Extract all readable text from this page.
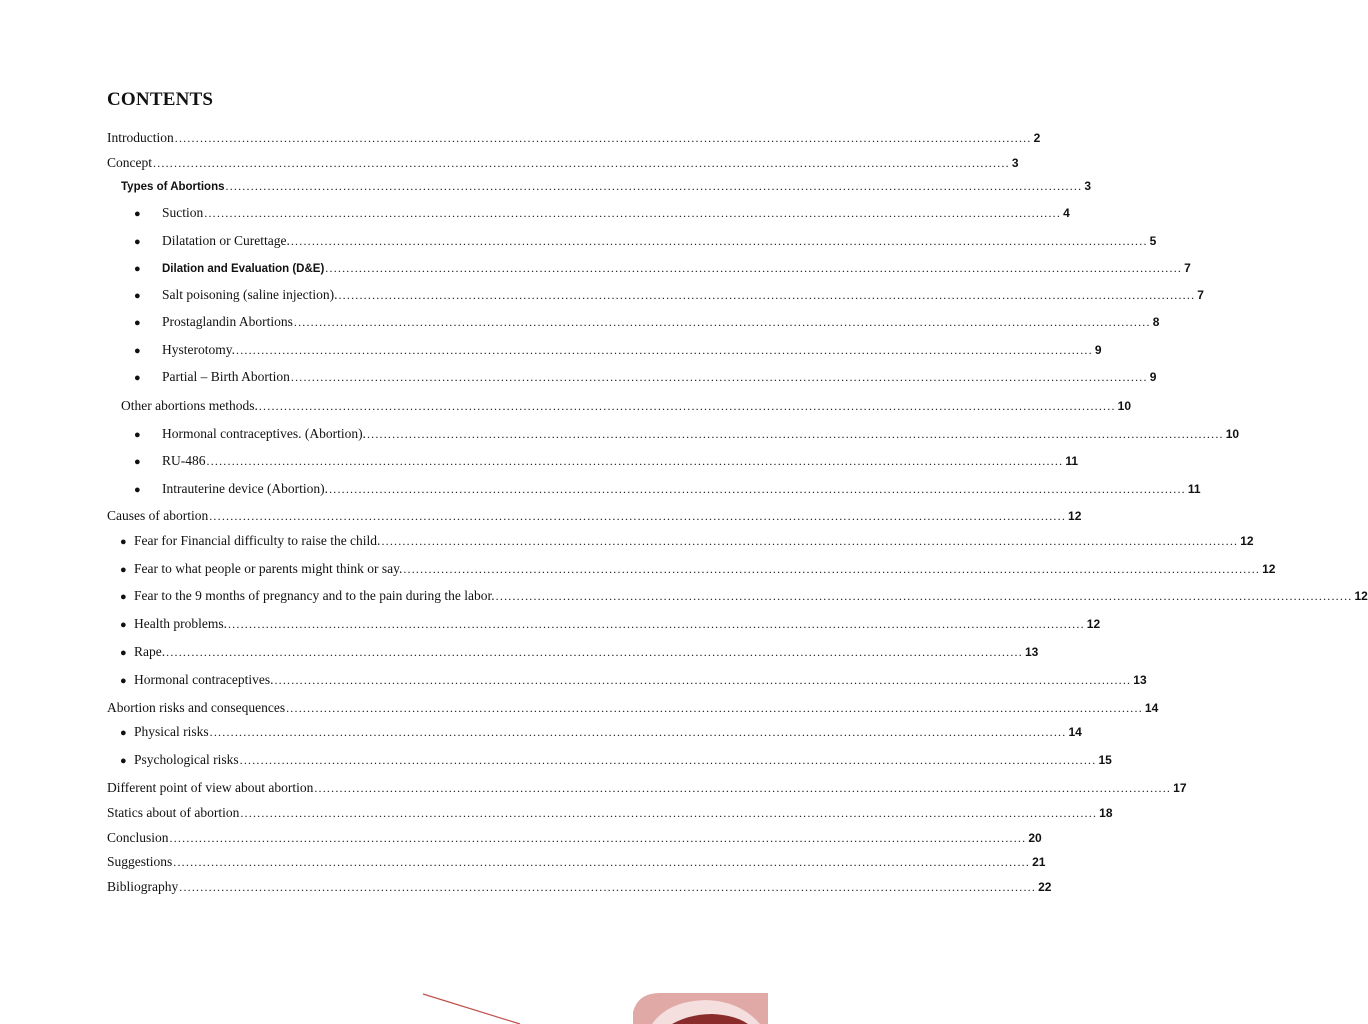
CONTENTS
Introduction ............................................................................................................................................................................................................ 2
Concept ............................................................................................................................................................................................................ 3
Types of Abortions ............................................................................................................................................................................................................ 3
●	Suction ............................................................................................................................................................................................................ 4
●	Dilatation or Curettage. ............................................................................................................................................................................................................ 5
●	Dilation and Evaluation (D&E) ............................................................................................................................................................................................................ 7
●	Salt poisoning (saline injection). ............................................................................................................................................................................................................ 7
●	Prostaglandin Abortions ............................................................................................................................................................................................................ 8
●	Hysterotomy. ............................................................................................................................................................................................................ 9
●	Partial – Birth Abortion ............................................................................................................................................................................................................ 9
Other abortions methods. ............................................................................................................................................................................................................ 10
●	Hormonal contraceptives. (Abortion). ............................................................................................................................................................................................................ 10
●	RU-486 ............................................................................................................................................................................................................ 11
●	Intrauterine device (Abortion). ............................................................................................................................................................................................................ 11
Causes of abortion ............................................................................................................................................................................................................ 12
● Fear for Financial difficulty to raise the child. ............................................................................................................................................................................................................ 12
● Fear to what people or parents might think or say. ............................................................................................................................................................................................................ 12
● Fear to the 9 months of pregnancy and to the pain during the labor. ............................................................................................................................................................................................................ 12
● Health problems. ............................................................................................................................................................................................................ 12
● Rape. ............................................................................................................................................................................................................ 13
● Hormonal contraceptives. ............................................................................................................................................................................................................ 13
Abortion risks and consequences ............................................................................................................................................................................................................ 14
● Physical risks ............................................................................................................................................................................................................ 14
● Psychological risks ............................................................................................................................................................................................................ 15
Different point of view about abortion ............................................................................................................................................................................................................ 17
Statics about of abortion ............................................................................................................................................................................................................ 18
Conclusion ............................................................................................................................................................................................................ 20
Suggestions ............................................................................................................................................................................................................ 21
Bibliography ............................................................................................................................................................................................................ 22
